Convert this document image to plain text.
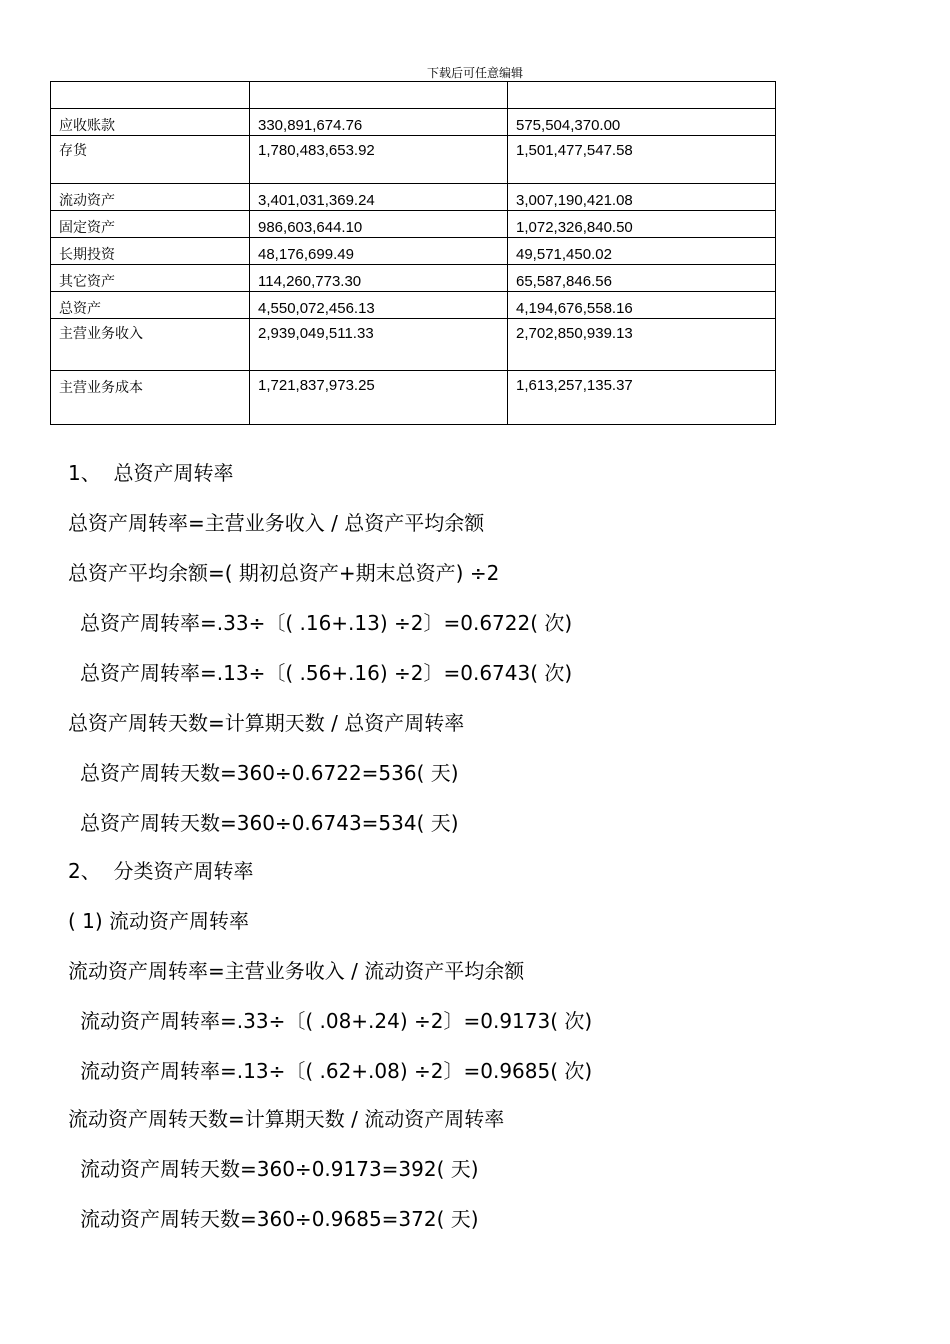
下载后可任意编辑

应收账款	330,891,674.76	575,504,370.00
存货	1,780,483,653.92	1,501,477,547.58
流动资产	3,401,031,369.24	3,007,190,421.08
固定资产	986,603,644.10	1,072,326,840.50
长期投资	48,176,699.49	49,571,450.02
其它资产	114,260,773.30	65,587,846.56
总资产	4,550,072,456.13	4,194,676,558.16
主营业务收入	2,939,049,511.33	2,702,850,939.13
主营业务成本	1,721,837,973.25	1,613,257,135.37
1、  总资产周转率
总资产周转率=主营业务收入 / 总资产平均余额
总资产平均余额=( 期初总资产+期末总资产) ÷2
总资产周转率=.33÷〔( .16+.13) ÷2〕=0.6722( 次)
总资产周转率=.13÷〔( .56+.16) ÷2〕=0.6743( 次)
总资产周转天数=计算期天数 / 总资产周转率
总资产周转天数=360÷0.6722=536( 天)
总资产周转天数=360÷0.6743=534( 天)
2、  分类资产周转率
( 1) 流动资产周转率
流动资产周转率=主营业务收入 / 流动资产平均余额
流动资产周转率=.33÷〔( .08+.24) ÷2〕=0.9173( 次)
流动资产周转率=.13÷〔( .62+.08) ÷2〕=0.9685( 次)
流动资产周转天数=计算期天数 / 流动资产周转率
流动资产周转天数=360÷0.9173=392( 天)
流动资产周转天数=360÷0.9685=372( 天)
